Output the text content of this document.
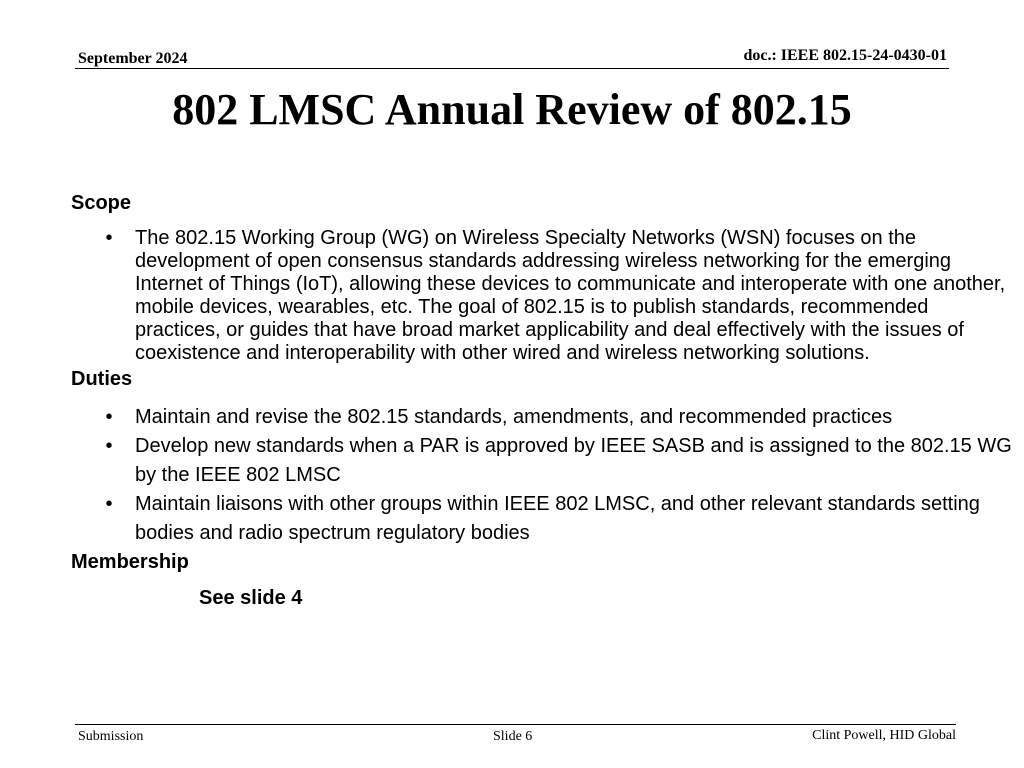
September 2024	doc.: IEEE 802.15-24-0430-01
802 LMSC Annual Review of 802.15
Scope
•	The 802.15 Working Group (WG) on Wireless Specialty Networks (WSN) focuses on the development of open consensus standards addressing wireless networking for the emerging Internet of Things (IoT), allowing these devices to communicate and interoperate with one another, mobile devices, wearables, etc. The goal of 802.15 is to publish standards, recommended practices, or guides that have broad market applicability and deal effectively with the issues of coexistence and interoperability with other wired and wireless networking solutions.
Duties
•	Maintain and revise the 802.15 standards, amendments, and recommended practices
•	Develop new standards when a PAR is approved by IEEE SASB and is assigned to the 802.15 WG by the IEEE 802 LMSC
•	Maintain liaisons with other groups within IEEE 802 LMSC, and other relevant standards setting bodies and radio spectrum regulatory bodies
Membership
See slide 4
Submission	Slide 6	Clint Powell, HID Global
